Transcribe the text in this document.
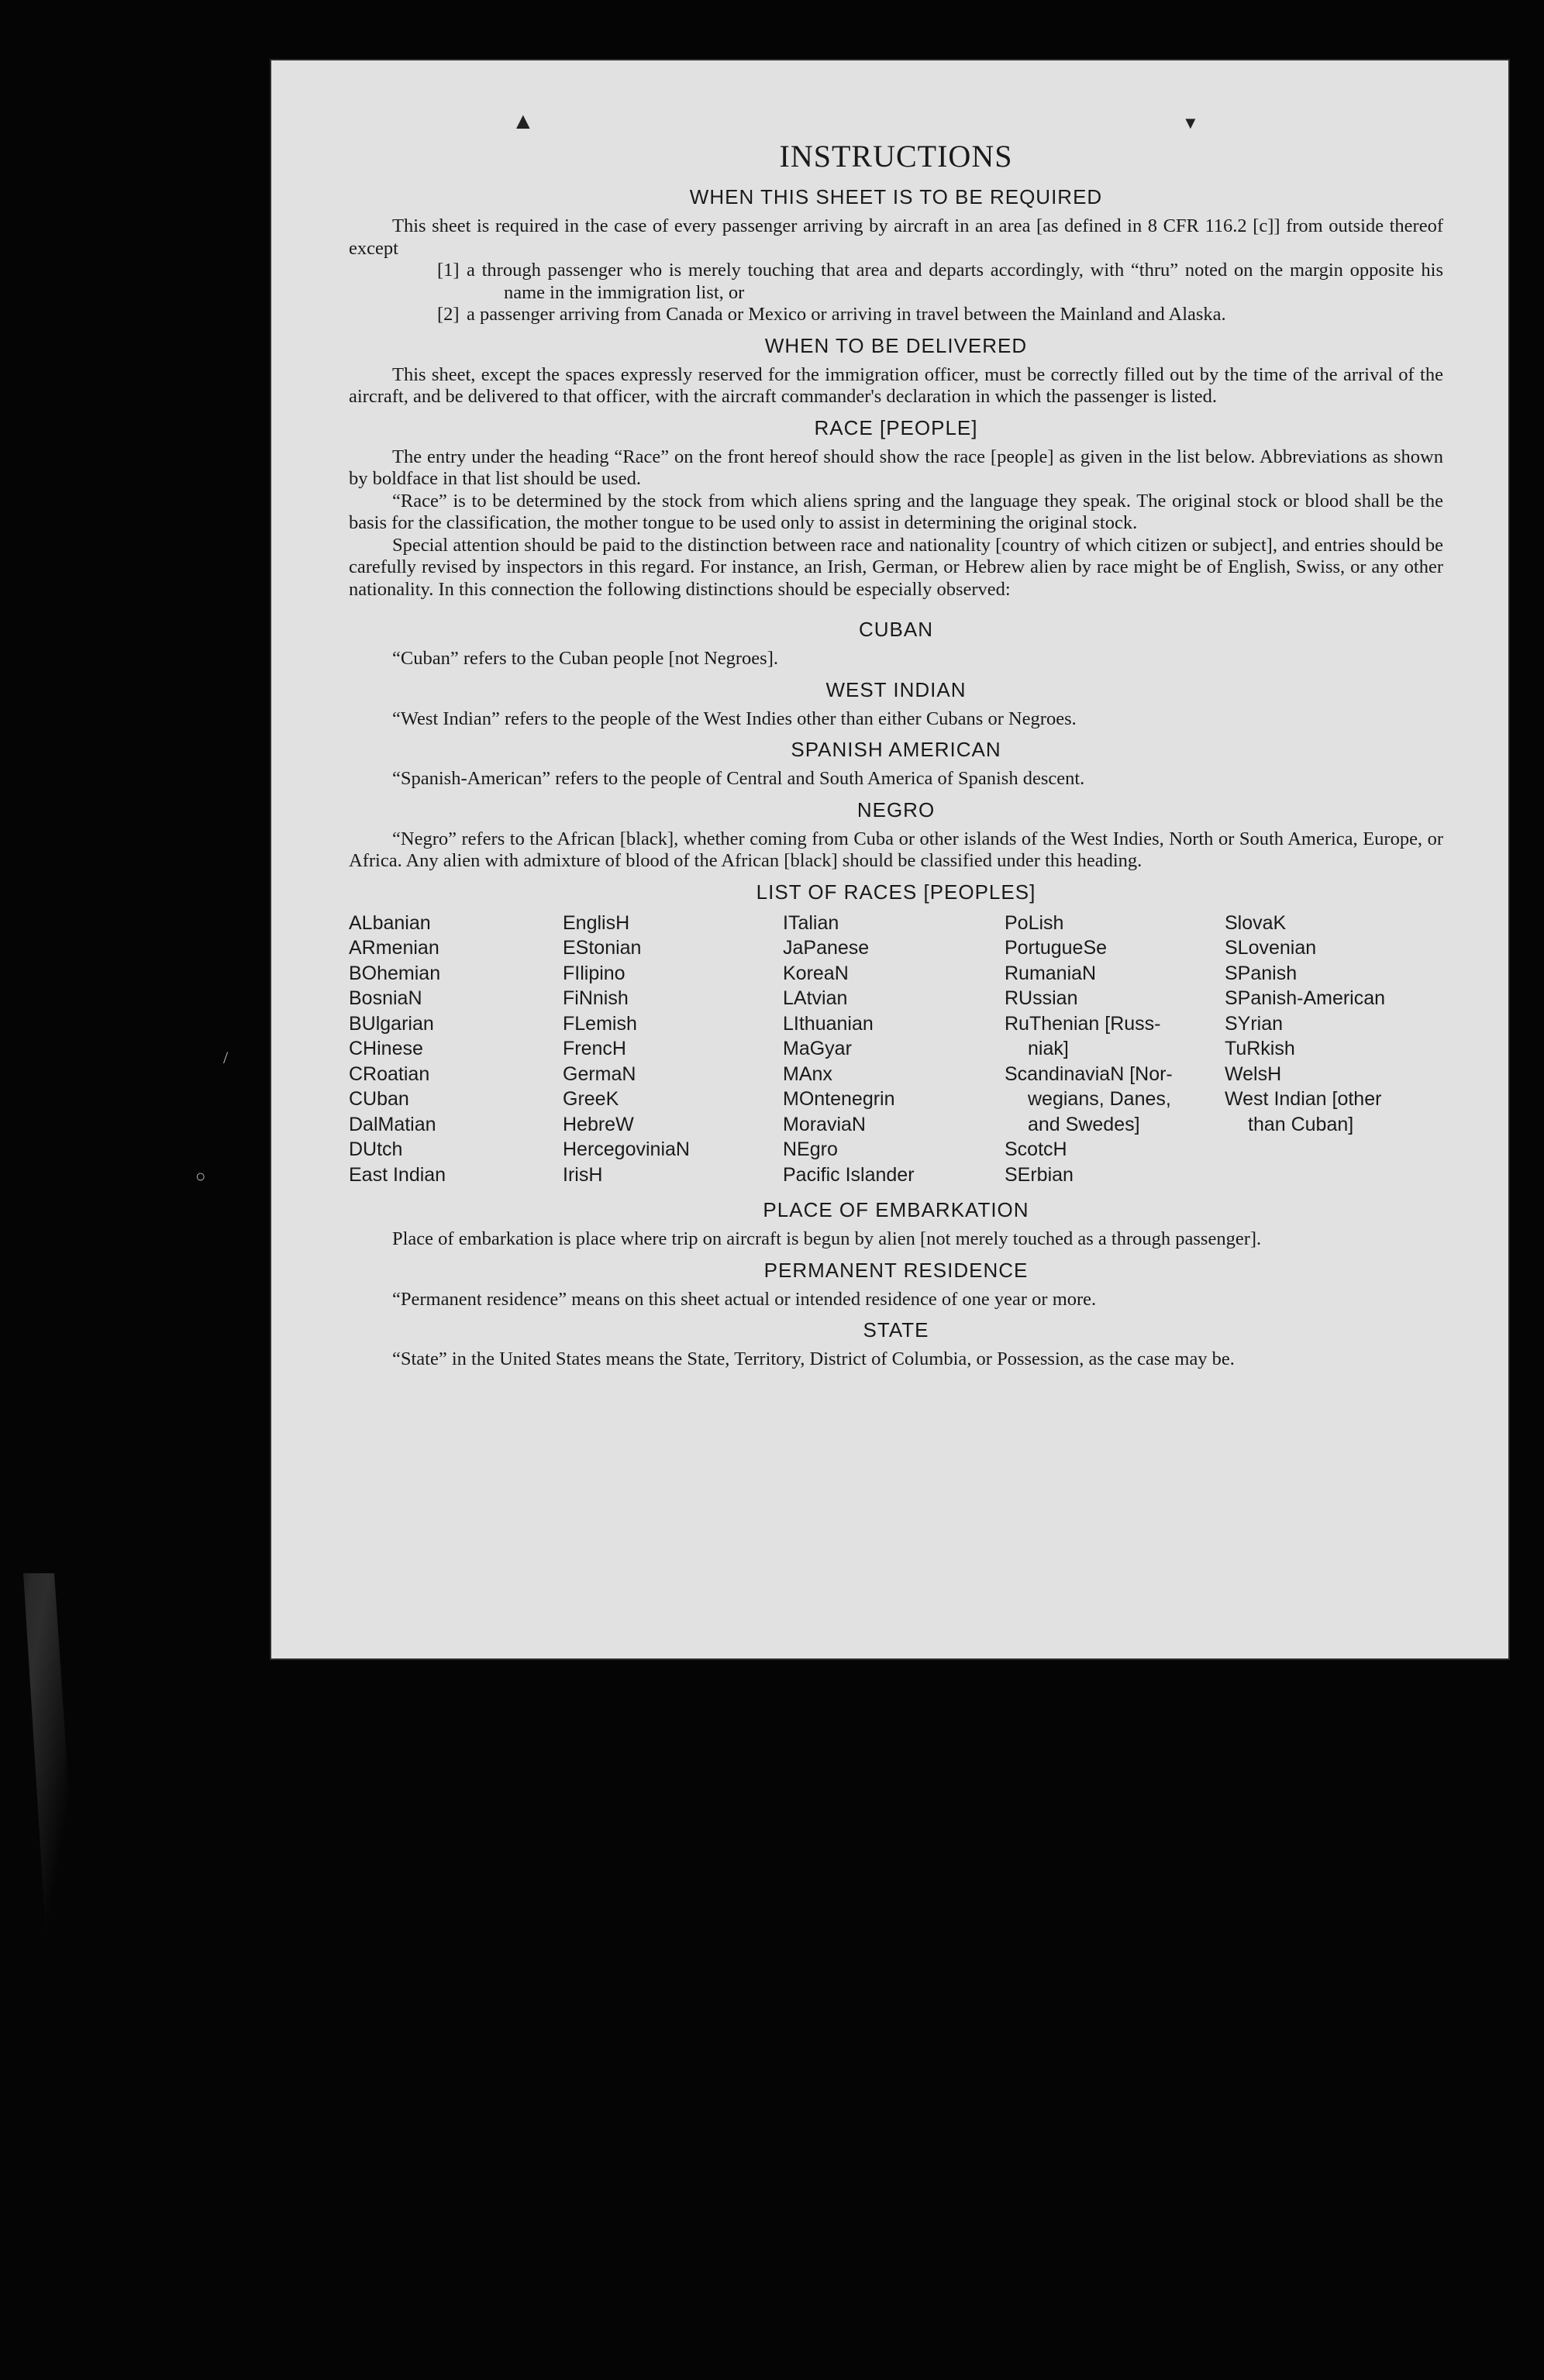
▲	▼
INSTRUCTIONS
WHEN THIS SHEET IS TO BE REQUIRED

This sheet is required in the case of every passenger arriving by aircraft in an area [as defined in 8 CFR 116.2 [c]] from outside thereof except

[1] a through passenger who is merely touching that area and departs accordingly, with “thru” noted on the margin opposite his name in the immigration list, or

[2] a passenger arriving from Canada or Mexico or arriving in travel between the Mainland and Alaska.

WHEN TO BE DELIVERED

This sheet, except the spaces expressly reserved for the immigration officer, must be correctly filled out by the time of the arrival of the aircraft, and be delivered to that officer, with the aircraft commander's declaration in which the passenger is listed.

RACE [PEOPLE]

The entry under the heading “Race” on the front hereof should show the race [people] as given in the list below. Abbreviations as shown by boldface in that list should be used.

“Race” is to be determined by the stock from which aliens spring and the language they speak. The original stock or blood shall be the basis for the classification, the mother tongue to be used only to assist in determining the original stock.

Special attention should be paid to the distinction between race and nationality [country of which citizen or subject], and entries should be carefully revised by inspectors in this regard. For instance, an Irish, German, or Hebrew alien by race might be of English, Swiss, or any other nationality. In this connection the following distinctions should be especially observed:

CUBAN

“Cuban” refers to the Cuban people [not Negroes].

WEST INDIAN

“West Indian” refers to the people of the West Indies other than either Cubans or Negroes.

SPANISH AMERICAN

“Spanish-American” refers to the people of Central and South America of Spanish descent.

NEGRO

“Negro” refers to the African [black], whether coming from Cuba or other islands of the West Indies, North or South America, Europe, or Africa. Any alien with admixture of blood of the African [black] should be classified under this heading.

LIST OF RACES [PEOPLES]
ALbanian
ARmenian
BOhemian
BosniaN
BUlgarian
CHinese
CRoatian
CUban
DalMatian
DUtch
East Indian
EnglisH
EStonian
FIlipino
FiNnish
FLemish
FrencH
GermaN
GreeK
HebreW
HercegoviniaN
IrisH
ITalian
JaPanese
KoreaN
LAtvian
LIthuanian
MaGyar
MAnx
MOntenegrin
MoraviaN
NEgro
Pacific Islander
PoLish
PortugueSe
RumaniaN
RUssian
RuThenian [Russ-
niak]
ScandinaviaN [Nor-
wegians, Danes,
and Swedes]
ScotcH
SErbian
SlovaK
SLovenian
SPanish
SPanish-American
SYrian
TuRkish
WelsH
West Indian [other
than Cuban]
PLACE OF EMBARKATION

Place of embarkation is place where trip on aircraft is begun by alien [not merely touched as a through passenger].

PERMANENT RESIDENCE

“Permanent residence” means on this sheet actual or intended residence of one year or more.

STATE

“State” in the United States means the State, Territory, District of Columbia, or Possession, as the case may be.

/
○
